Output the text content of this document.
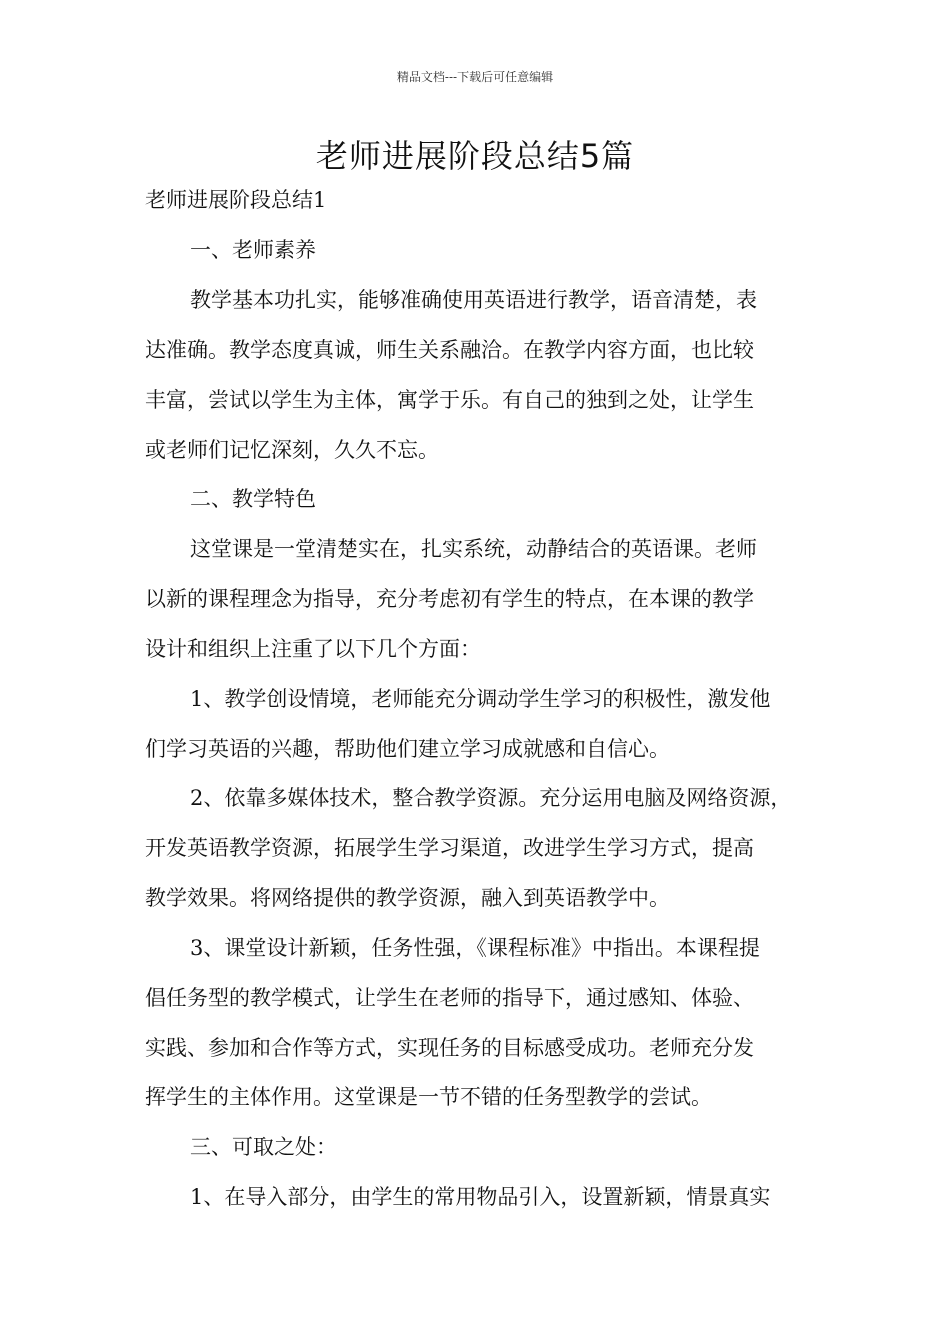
精品文档---下载后可任意编辑
老师进展阶段总结5篇
老师进展阶段总结1
一、老师素养
教学基本功扎实，能够准确使用英语进行教学，语音清楚，表
达准确。教学态度真诚，师生关系融洽。在教学内容方面，也比较
丰富，尝试以学生为主体，寓学于乐。有自己的独到之处，让学生
或老师们记忆深刻，久久不忘。
二、教学特色
这堂课是一堂清楚实在，扎实系统，动静结合的英语课。老师
以新的课程理念为指导，充分考虑初有学生的特点，在本课的教学
设计和组织上注重了以下几个方面：
1、教学创设情境，老师能充分调动学生学习的积极性，激发他
们学习英语的兴趣，帮助他们建立学习成就感和自信心。
2、依靠多媒体技术，整合教学资源。充分运用电脑及网络资源，
开发英语教学资源，拓展学生学习渠道，改进学生学习方式，提高
教学效果。将网络提供的教学资源，融入到英语教学中。
3、课堂设计新颖，任务性强，《课程标准》中指出。本课程提
倡任务型的教学模式，让学生在老师的指导下，通过感知、体验、
实践、参加和合作等方式，实现任务的目标感受成功。老师充分发
挥学生的主体作用。这堂课是一节不错的任务型教学的尝试。
三、可取之处：
1、在导入部分，由学生的常用物品引入，设置新颖，情景真实
